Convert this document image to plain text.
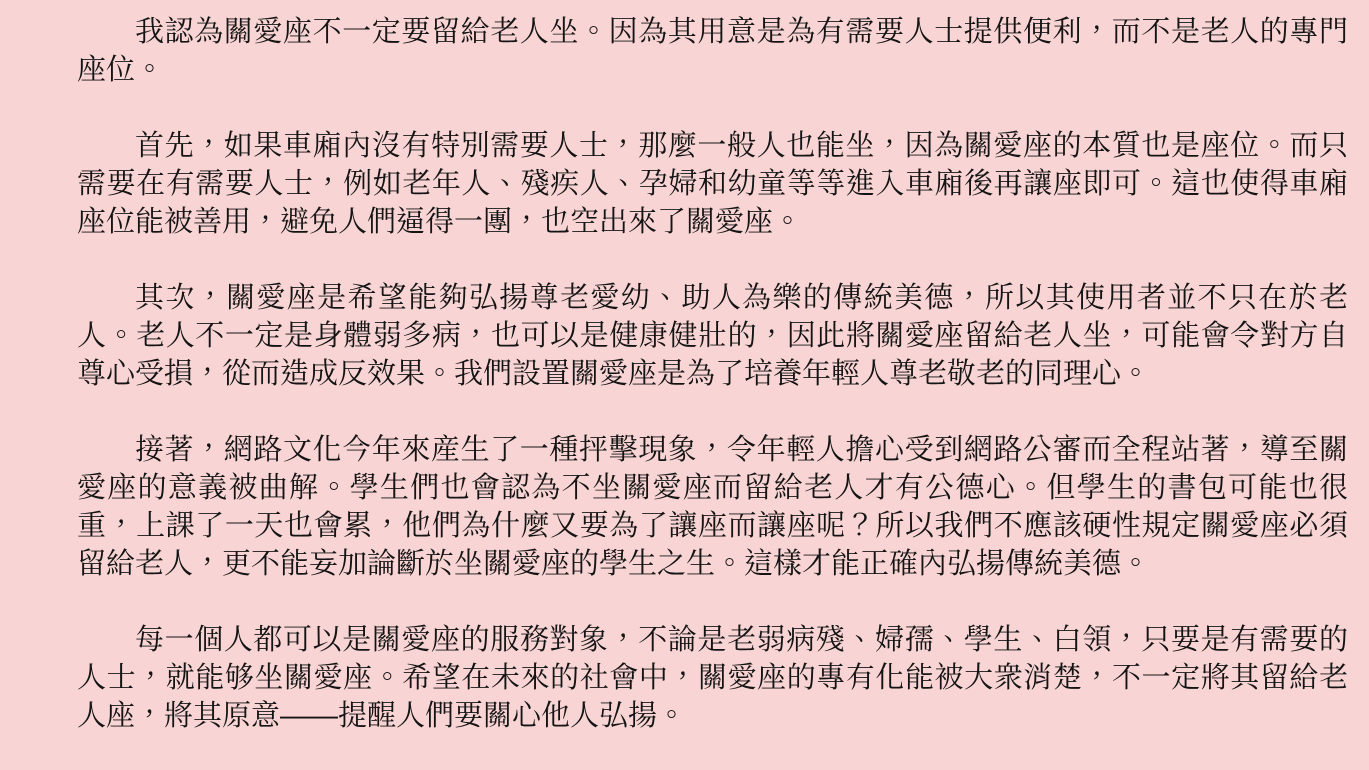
我認為關愛座不一定要留給老人坐。因為其用意是為有需要人士提供便利，而不是老人的專門座位。

首先，如果車廂內沒有特別需要人士，那麼一般人也能坐，因為關愛座的本質也是座位。而只需要在有需要人士，例如老年人、殘疾人、孕婦和幼童等等進入車廂後再讓座即可。這也使得車廂座位能被善用，避免人們逼得一團，也空出來了關愛座。

其次，關愛座是希望能夠弘揚尊老愛幼、助人為樂的傳統美德，所以其使用者並不只在於老人。老人不一定是身體弱多病，也可以是健康健壯的，因此將關愛座留給老人坐，可能會令對方自尊心受損，從而造成反效果。我們設置關愛座是為了培養年輕人尊老敬老的同理心。

接著，網路文化今年來産生了一種抨擊現象，令年輕人擔心受到網路公審而全程站著，導至關愛座的意義被曲解。學生們也會認為不坐關愛座而留給老人才有公德心。但學生的書包可能也很重，上課了一天也會累，他們為什麼又要為了讓座而讓座呢？所以我們不應該硬性規定關愛座必須留給老人，更不能妄加論斷於坐關愛座的學生之生。這樣才能正確內弘揚傳統美德。

每一個人都可以是關愛座的服務對象，不論是老弱病殘、婦孺、學生、白領，只要是有需要的人士，就能够坐關愛座。希望在未來的社會中，關愛座的專有化能被大衆消楚，不一定將其留給老人座，將其原意——提醒人們要關心他人弘揚。
